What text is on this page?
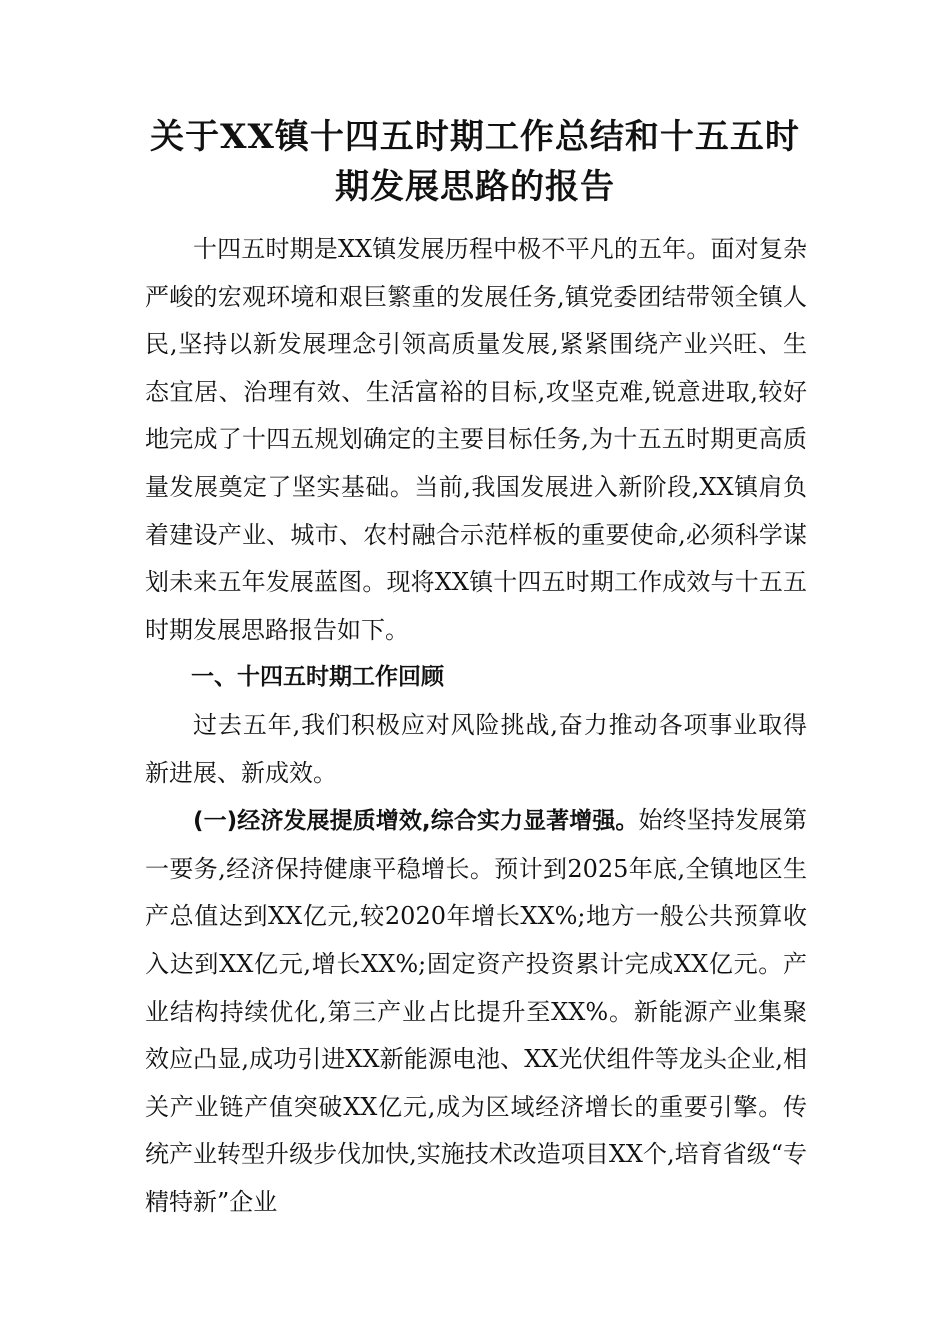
关于XX镇十四五时期工作总结和十五五时
期发展思路的报告

十四五时期是XX镇发展历程中极不平凡的五年。面对复杂严峻的宏观环境和艰巨繁重的发展任务,镇党委团结带领全镇人民,坚持以新发展理念引领高质量发展,紧紧围绕产业兴旺、生态宜居、治理有效、生活富裕的目标,攻坚克难,锐意进取,较好地完成了十四五规划确定的主要目标任务,为十五五时期更高质量发展奠定了坚实基础。当前,我国发展进入新阶段,XX镇肩负着建设产业、城市、农村融合示范样板的重要使命,必须科学谋划未来五年发展蓝图。现将XX镇十四五时期工作成效与十五五时期发展思路报告如下。

一、十四五时期工作回顾

过去五年,我们积极应对风险挑战,奋力推动各项事业取得新进展、新成效。

(一)经济发展提质增效,综合实力显著增强。始终坚持发展第一要务,经济保持健康平稳增长。预计到2025年底,全镇地区生产总值达到XX亿元,较2020年增长XX%;地方一般公共预算收入达到XX亿元,增长XX%;固定资产投资累计完成XX亿元。产业结构持续优化,第三产业占比提升至XX%。新能源产业集聚效应凸显,成功引进XX新能源电池、XX光伏组件等龙头企业,相关产业链产值突破XX亿元,成为区域经济增长的重要引擎。传统产业转型升级步伐加快,实施技术改造项目XX个,培育省级“专精特新”企业
